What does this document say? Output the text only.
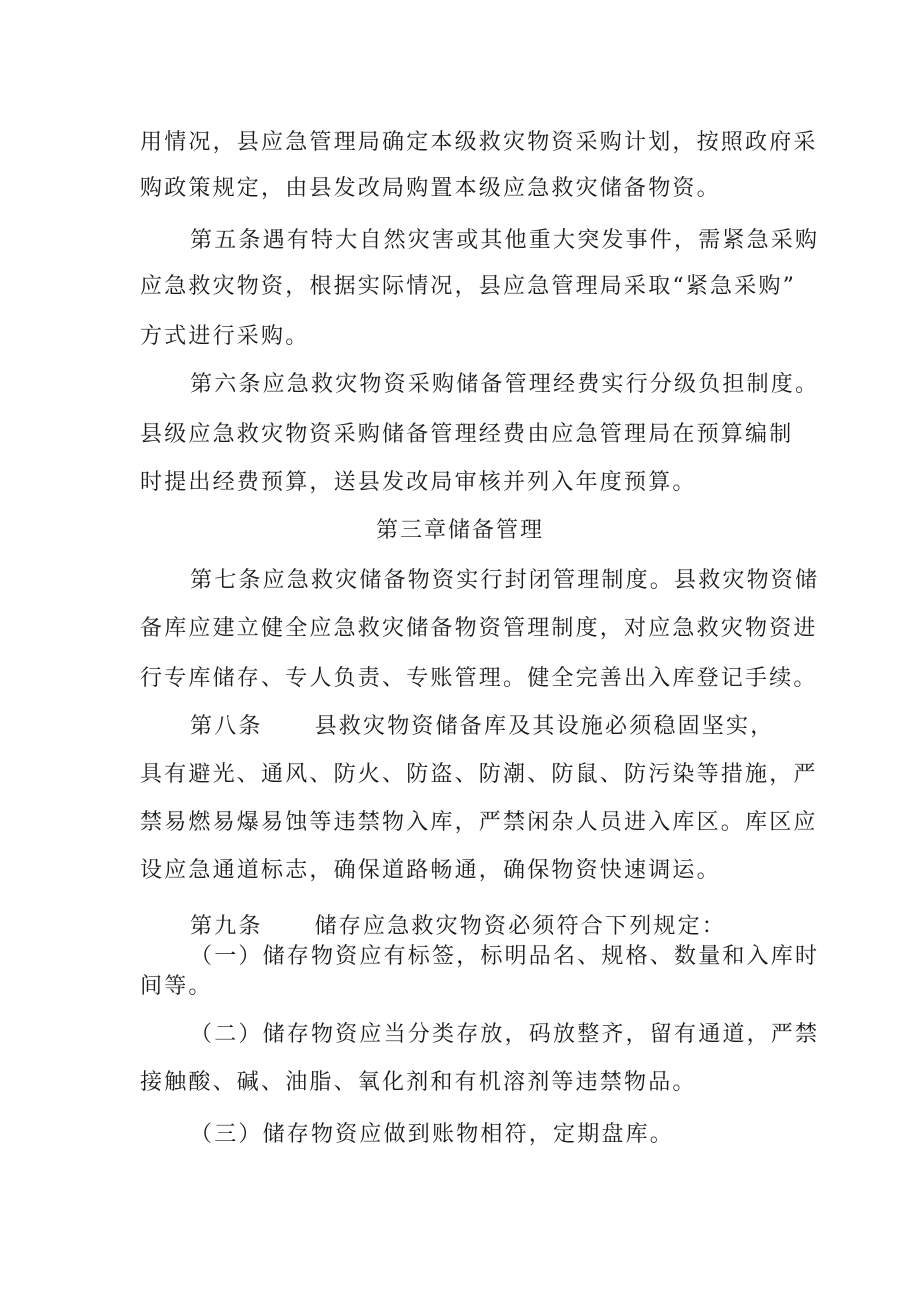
用情况，县应急管理局确定本级救灾物资采购计划，按照政府采
购政策规定，由县发改局购置本级应急救灾储备物资。
第五条遇有特大自然灾害或其他重大突发事件，需紧急采购
应急救灾物资，根据实际情况，县应急管理局采取“紧急采购”
方式进行采购。
第六条应急救灾物资采购储备管理经费实行分级负担制度。
县级应急救灾物资采购储备管理经费由应急管理局在预算编制
时提出经费预算，送县发改局审核并列入年度预算。
第三章储备管理
第七条应急救灾储备物资实行封闭管理制度。县救灾物资储
备库应建立健全应急救灾储备物资管理制度，对应急救灾物资进
行专库储存、专人负责、专账管理。健全完善出入库登记手续。
第八条 县救灾物资储备库及其设施必须稳固坚实，
具有避光、通风、防火、防盗、防潮、防鼠、防污染等措施，严
禁易燃易爆易蚀等违禁物入库，严禁闲杂人员进入库区。库区应
设应急通道标志，确保道路畅通，确保物资快速调运。
第九条 储存应急救灾物资必须符合下列规定：
（一）储存物资应有标签，标明品名、规格、数量和入库时
间等。
（二）储存物资应当分类存放，码放整齐，留有通道，严禁
接触酸、碱、油脂、氧化剂和有机溶剂等违禁物品。
（三）储存物资应做到账物相符，定期盘库。
